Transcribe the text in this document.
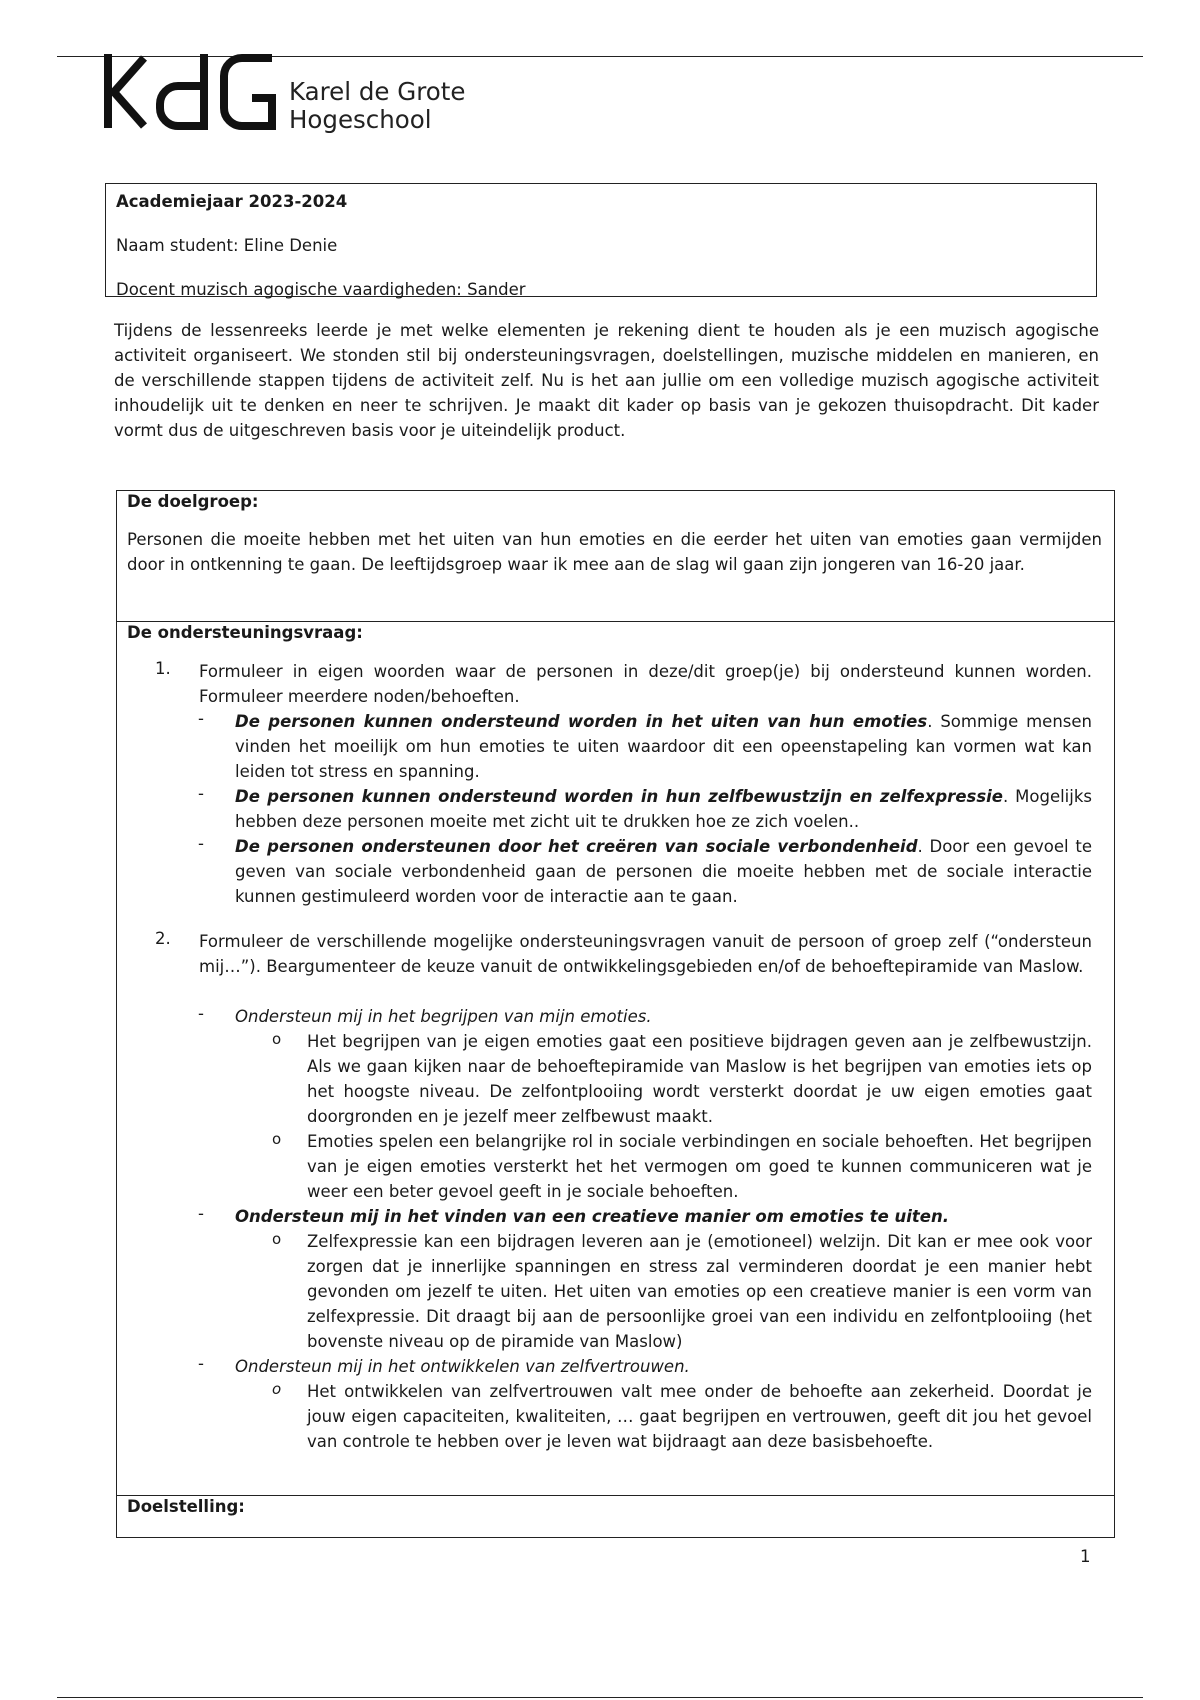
Karel de Grote
Hogeschool
Academiejaar 2023-2024
Naam student: Eline Denie
Docent muzisch agogische vaardigheden: Sander
Tijdens de lessenreeks leerde je met welke elementen je rekening dient te houden als je een muzisch agogische activiteit organiseert. We stonden stil bij ondersteuningsvragen, doelstellingen, muzische middelen en manieren, en de verschillende stappen tijdens de activiteit zelf. Nu is het aan jullie om een volledige muzisch agogische activiteit inhoudelijk uit te denken en neer te schrijven. Je maakt dit kader op basis van je gekozen thuisopdracht. Dit kader vormt dus de uitgeschreven basis voor je uiteindelijk product.
De doelgroep:
Personen die moeite hebben met het uiten van hun emoties en die eerder het uiten van emoties gaan vermijden door in ontkenning te gaan. De leeftijdsgroep waar ik mee aan de slag wil gaan zijn jongeren van 16-20 jaar.
De ondersteuningsvraag:
1. Formuleer in eigen woorden waar de personen in deze/dit groep(je) bij ondersteund kunnen worden. Formuleer meerdere noden/behoeften.
- De personen kunnen ondersteund worden in het uiten van hun emoties. Sommige mensen vinden het moeilijk om hun emoties te uiten waardoor dit een opeenstapeling kan vormen wat kan leiden tot stress en spanning.
- De personen kunnen ondersteund worden in hun zelfbewustzijn en zelfexpressie. Mogelijks hebben deze personen moeite met zicht uit te drukken hoe ze zich voelen..
- De personen ondersteunen door het creëren van sociale verbondenheid. Door een gevoel te geven van sociale verbondenheid gaan de personen die moeite hebben met de sociale interactie kunnen gestimuleerd worden voor de interactie aan te gaan.
2. Formuleer de verschillende mogelijke ondersteuningsvragen vanuit de persoon of groep zelf (“ondersteun mij…”). Beargumenteer de keuze vanuit de ontwikkelingsgebieden en/of de behoeftepiramide van Maslow.
- Ondersteun mij in het begrijpen van mijn emoties.
o Het begrijpen van je eigen emoties gaat een positieve bijdragen geven aan je zelfbewustzijn. Als we gaan kijken naar de behoeftepiramide van Maslow is het begrijpen van emoties iets op het hoogste niveau. De zelfontplooiing wordt versterkt doordat je uw eigen emoties gaat doorgronden en je jezelf meer zelfbewust maakt.
o Emoties spelen een belangrijke rol in sociale verbindingen en sociale behoeften. Het begrijpen van je eigen emoties versterkt het het vermogen om goed te kunnen communiceren wat je weer een beter gevoel geeft in je sociale behoeften.
- Ondersteun mij in het vinden van een creatieve manier om emoties te uiten.
o Zelfexpressie kan een bijdragen leveren aan je (emotioneel) welzijn. Dit kan er mee ook voor zorgen dat je innerlijke spanningen en stress zal verminderen doordat je een manier hebt gevonden om jezelf te uiten. Het uiten van emoties op een creatieve manier is een vorm van zelfexpressie. Dit draagt bij aan de persoonlijke groei van een individu en zelfontplooiing (het bovenste niveau op de piramide van Maslow)
- Ondersteun mij in het ontwikkelen van zelfvertrouwen.
o Het ontwikkelen van zelfvertrouwen valt mee onder de behoefte aan zekerheid. Doordat je jouw eigen capaciteiten, kwaliteiten, … gaat begrijpen en vertrouwen, geeft dit jou het gevoel van controle te hebben over je leven wat bijdraagt aan deze basisbehoefte.
Doelstelling:
1
